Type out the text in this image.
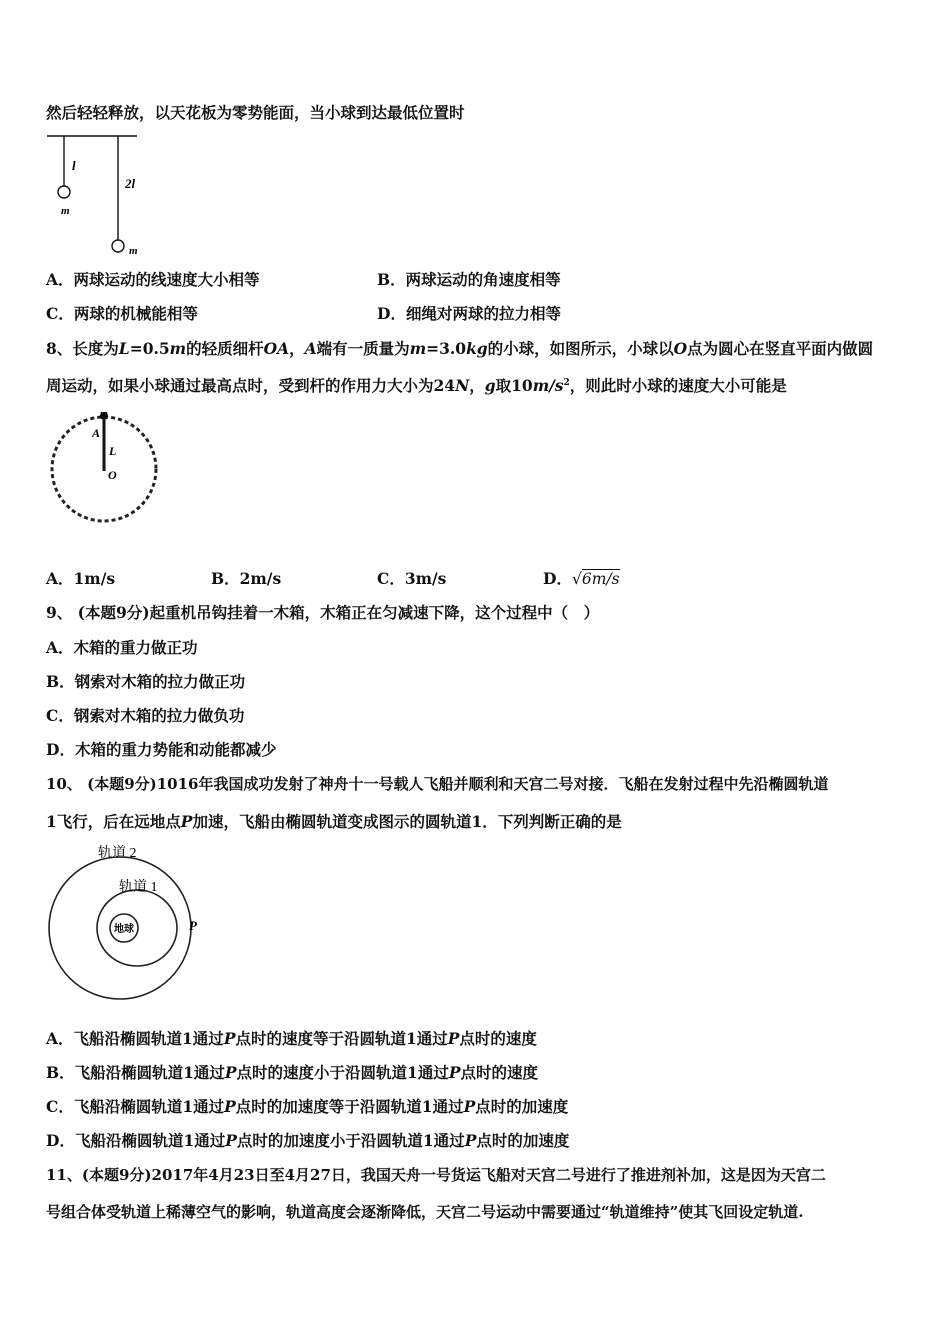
然后轻轻释放，以天花板为零势能面，当小球到达最低位置时
l
2l
m
m
A．两球运动的线速度大小相等	B．两球运动的角速度相等
C．两球的机械能相等	D．细绳对两球的拉力相等
8、长度为L=0.5m的轻质细杆OA，A端有一质量为m=3.0kg的小球，如图所示，小球以O点为圆心在竖直平面内做圆
周运动，如果小球通过最高点时，受到杆的作用力大小为24N，g取$10m/s^2$，则此时小球的速度大小可能是
m
A
L
O
A．1m/s	B．2m/s	C．3m/s	D．√6m/s
9、 (本题9分)起重机吊钩挂着一木箱，木箱正在匀减速下降，这个过程中（　）
A．木箱的重力做正功
B．钢索对木箱的拉力做正功
C．钢索对木箱的拉力做负功
D．木箱的重力势能和动能都减少
10、 (本题9分)1016年我国成功发射了神舟十一号载人飞船并顺利和天宫二号对接．飞船在发射过程中先沿椭圆轨道
1飞行，后在远地点P加速，飞船由椭圆轨道变成图示的圆轨道1．下列判断正确的是
地球
轨道 2
轨道 1
P
A．飞船沿椭圆轨道1通过P点时的速度等于沿圆轨道1通过P点时的速度
B．飞船沿椭圆轨道1通过P点时的速度小于沿圆轨道1通过P点时的速度
C．飞船沿椭圆轨道1通过P点时的加速度等于沿圆轨道1通过P点时的加速度
D．飞船沿椭圆轨道1通过P点时的加速度小于沿圆轨道1通过P点时的加速度
11、(本题9分)2017年4月23日至4月27日，我国天舟一号货运飞船对天宫二号进行了推进剂补加，这是因为天宫二
号组合体受轨道上稀薄空气的影响，轨道高度会逐渐降低，天宫二号运动中需要通过“轨道维持”使其飞回设定轨道.
